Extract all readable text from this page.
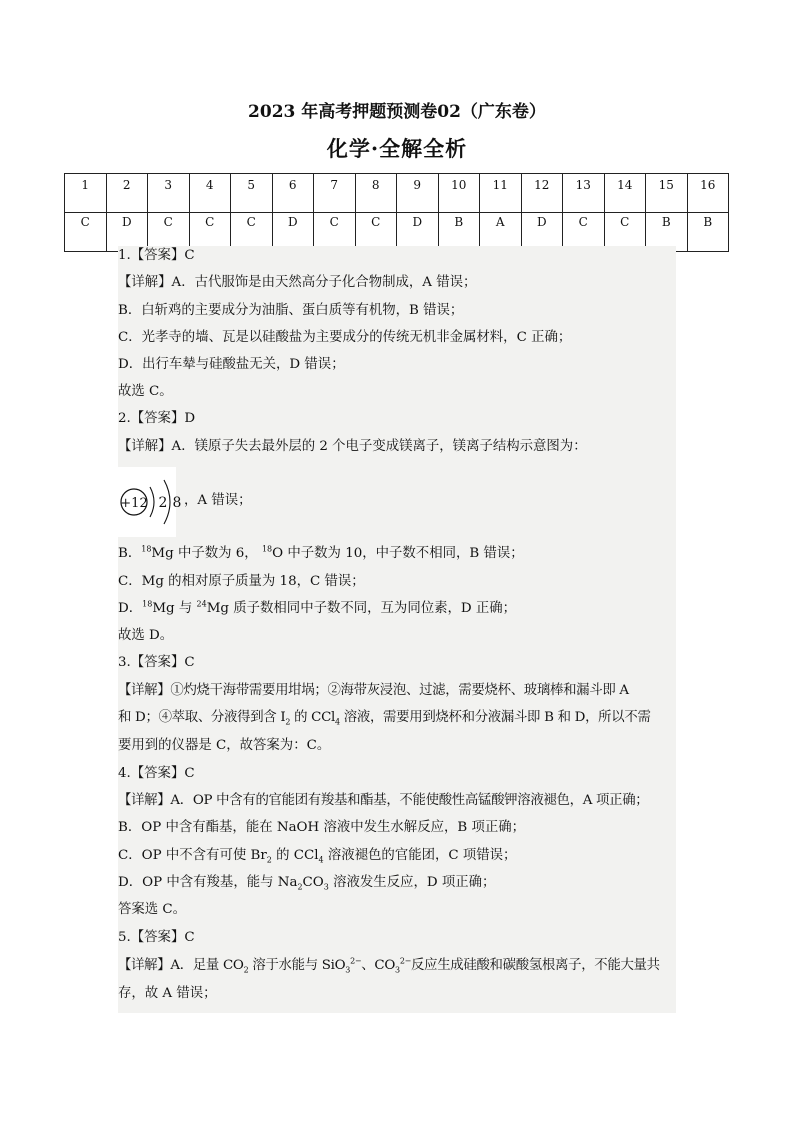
2023 年高考押题预测卷02（广东卷）
化学·全解全析
1	2	3	4	5	6	7	8	9	10	11	12	13	14	15	16
C	D	C	C	C	D	C	C	D	B	A	D	C	C	B	B
1.【答案】C
【详解】A．古代服饰是由天然高分子化合物制成，A 错误；
B．白斩鸡的主要成分为油脂、蛋白质等有机物，B 错误；
C．光孝寺的墙、瓦是以硅酸盐为主要成分的传统无机非金属材料，C 正确；
D．出行车辇与硅酸盐无关，D 错误；
故选 C。
2.【答案】D
【详解】A．镁原子失去最外层的 2 个电子变成镁离子，镁离子结构示意图为：
+12 2 8 ，A 错误；
B．$^{18}$Mg 中子数为 6， $^{18}$O 中子数为 10，中子数不相同，B 错误；
C．Mg 的相对原子质量为 18，C 错误；
D．$^{18}$Mg 与 $^{24}$Mg 质子数相同中子数不同，互为同位素，D 正确；
故选 D。
3.【答案】C
【详解】①灼烧干海带需要用坩埚；②海带灰浸泡、过滤，需要烧杯、玻璃棒和漏斗即 A
和 D；④萃取、分液得到含 $I_2$ 的 CCl$_4$ 溶液，需要用到烧杯和分液漏斗即 B 和 D，所以不需
要用到的仪器是 C，故答案为：C。
4.【答案】C
【详解】A．OP 中含有的官能团有羧基和酯基，不能使酸性高锰酸钾溶液褪色，A 项正确；
B．OP 中含有酯基，能在 NaOH 溶液中发生水解反应，B 项正确；
C．OP 中不含有可使 $Br_2$ 的 CCl$_4$ 溶液褪色的官能团，C 项错误；
D．OP 中含有羧基，能与 $Na_2CO_3$ 溶液发生反应，D 项正确；
答案选 C。
5.【答案】C
【详解】A．足量 $CO_2$ 溶于水能与 SiO$_3^{2-}$、$CO_3^{2-}$反应生成硅酸和碳酸氢根离子，不能大量共
存，故 A 错误；
